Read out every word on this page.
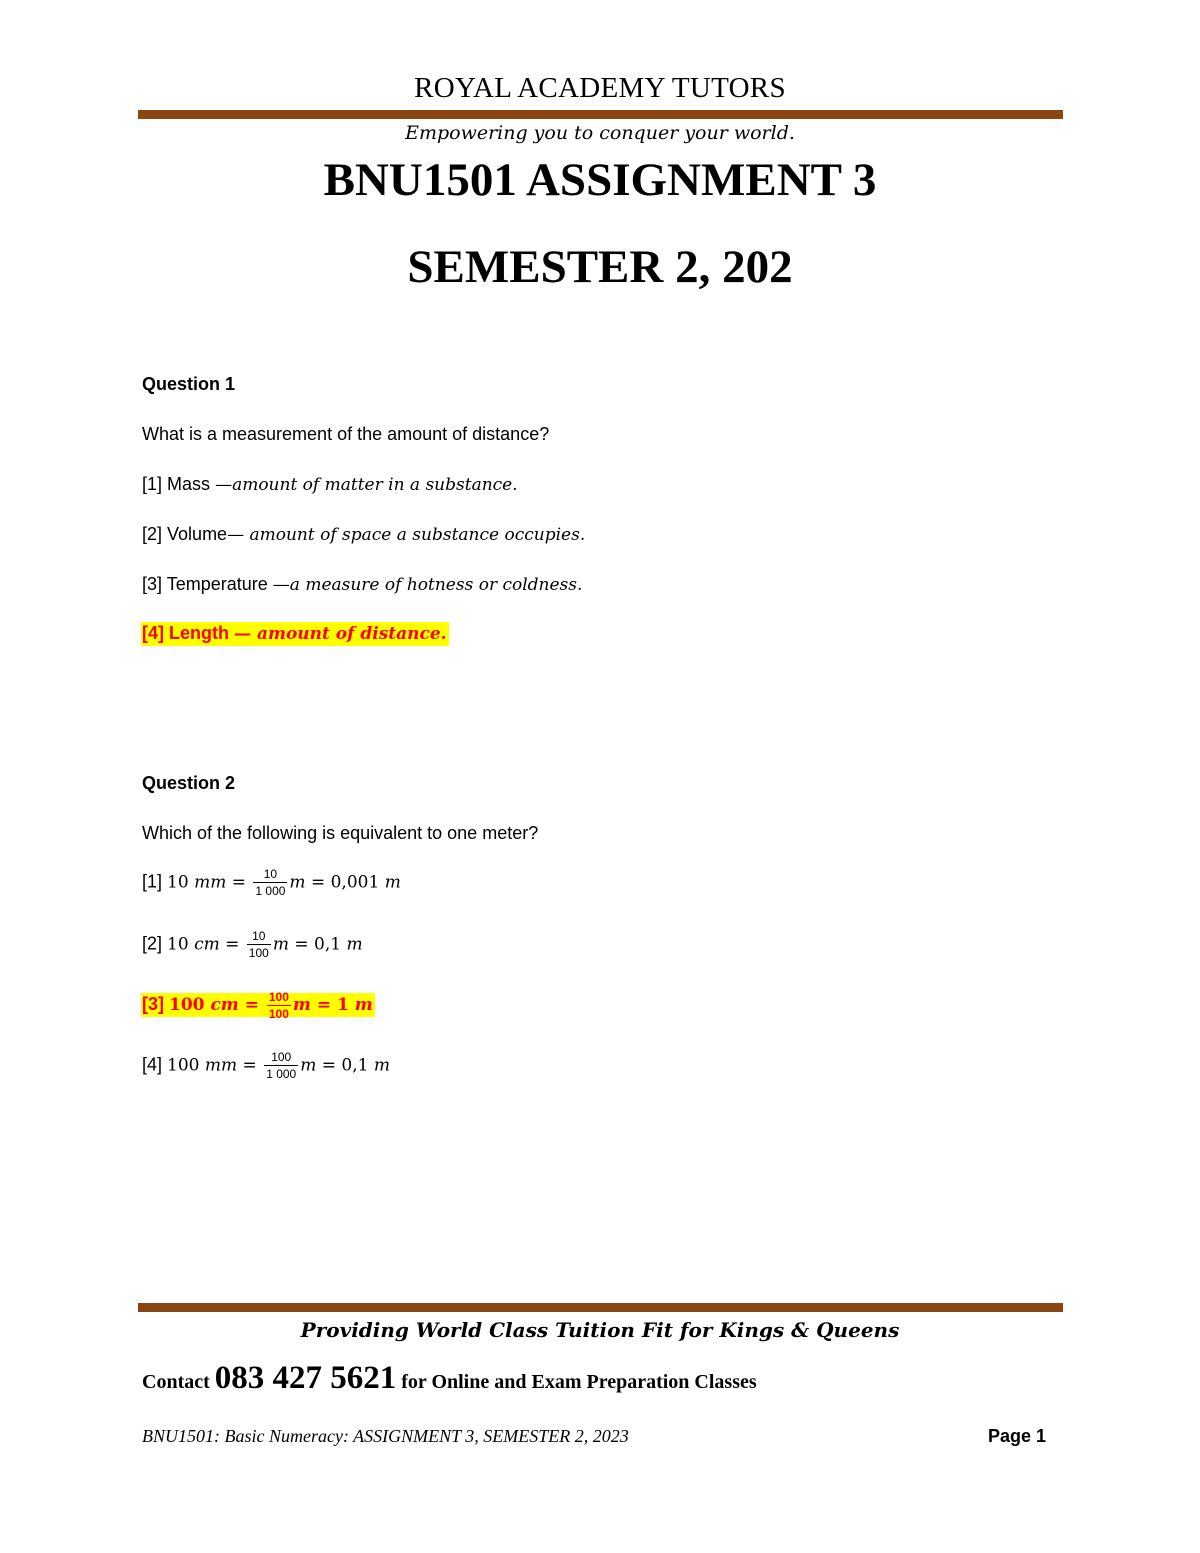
ROYAL ACADEMY TUTORS
Empowering you to conquer your world.
BNU1501 ASSIGNMENT 3
SEMESTER 2, 202
Question 1
What is a measurement of the amount of distance?
[1] Mass —amount of matter in a substance.
[2] Volume— amount of space a substance occupies.
[3] Temperature —a measure of hotness or coldness.
[4] Length — amount of distance.
Question 2
Which of the following is equivalent to one meter?
[1] 10 mm = $\frac{10}{1 000}$ m = 0,001 m
[2] 10 cm = $\frac{10}{100}$ m = 0,1 m
[3] 100 cm = $\frac{100}{100}$ m = 1 m
[4] 100 mm = $\frac{100}{1 000}$ m = 0,1 m
Providing World Class Tuition Fit for Kings & Queens
Contact 083 427 5621 for Online and Exam Preparation Classes
BNU1501: Basic Numeracy: ASSIGNMENT 3, SEMESTER 2, 2023	Page 1
